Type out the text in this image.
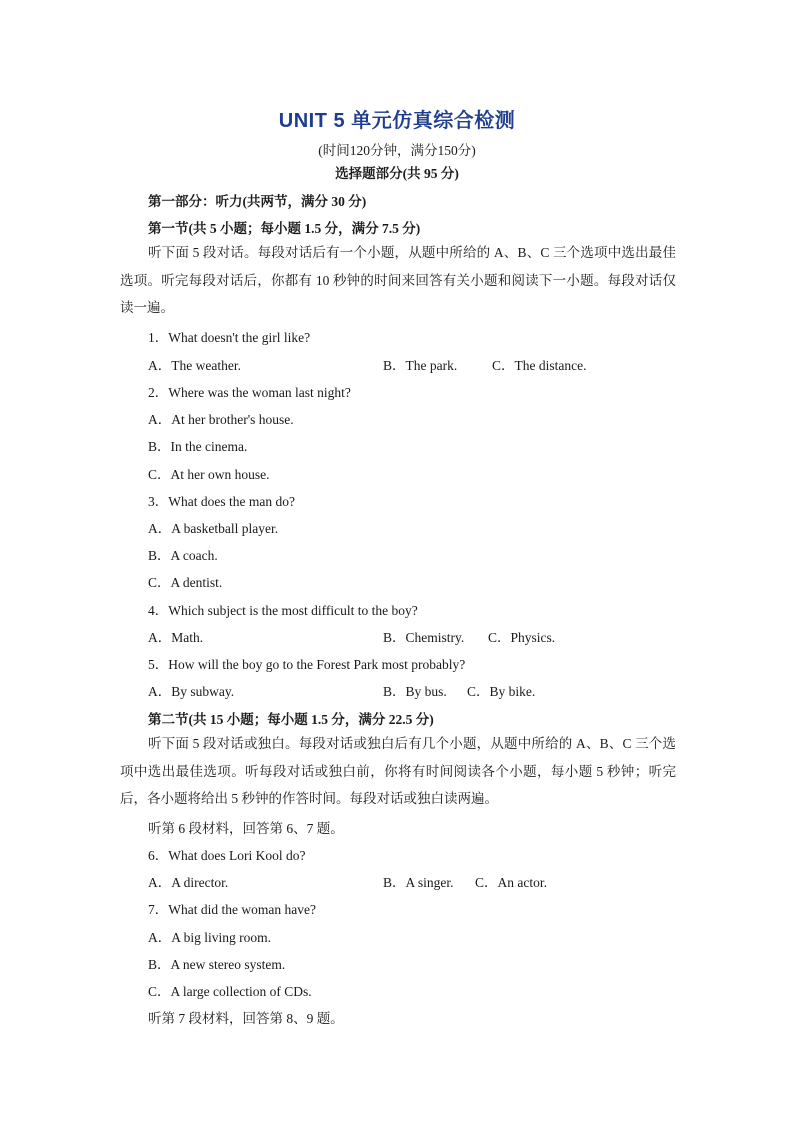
UNIT 5 单元仿真综合检测
(时间120分钟，满分150分)
选择题部分(共 95 分)
第一部分：听力(共两节，满分 30 分)
第一节(共 5 小题；每小题 1.5 分，满分 7.5 分)
听下面 5 段对话。每段对话后有一个小题，从题中所给的 A、B、C 三个选项中选出最佳选项。听完每段对话后，你都有 10 秒钟的时间来回答有关小题和阅读下一小题。每段对话仅读一遍。
1．What doesn't the girl like?
A．The weather.	B．The park.	C．The distance.
2．Where was the woman last night?
A．At her brother's house.
B．In the cinema.
C．At her own house.
3．What does the man do?
A．A basketball player.
B．A coach.
C．A dentist.
4．Which subject is the most difficult to the boy?
A．Math.	B．Chemistry. C．Physics.
5．How will the boy go to the Forest Park most probably?
A．By subway.	B．By bus. C．By bike.
第二节(共 15 小题；每小题 1.5 分，满分 22.5 分)
听下面 5 段对话或独白。每段对话或独白后有几个小题，从题中所给的 A、B、C 三个选项中选出最佳选项。听每段对话或独白前，你将有时间阅读各个小题，每小题 5 秒钟；听完后，各小题将给出 5 秒钟的作答时间。每段对话或独白读两遍。
听第 6 段材料，回答第 6、7 题。
6．What does Lori Kool do?
A．A director.	B．A singer. C．An actor.
7．What did the woman have?
A．A big living room.
B．A new stereo system.
C．A large collection of CDs.
听第 7 段材料，回答第 8、9 题。
